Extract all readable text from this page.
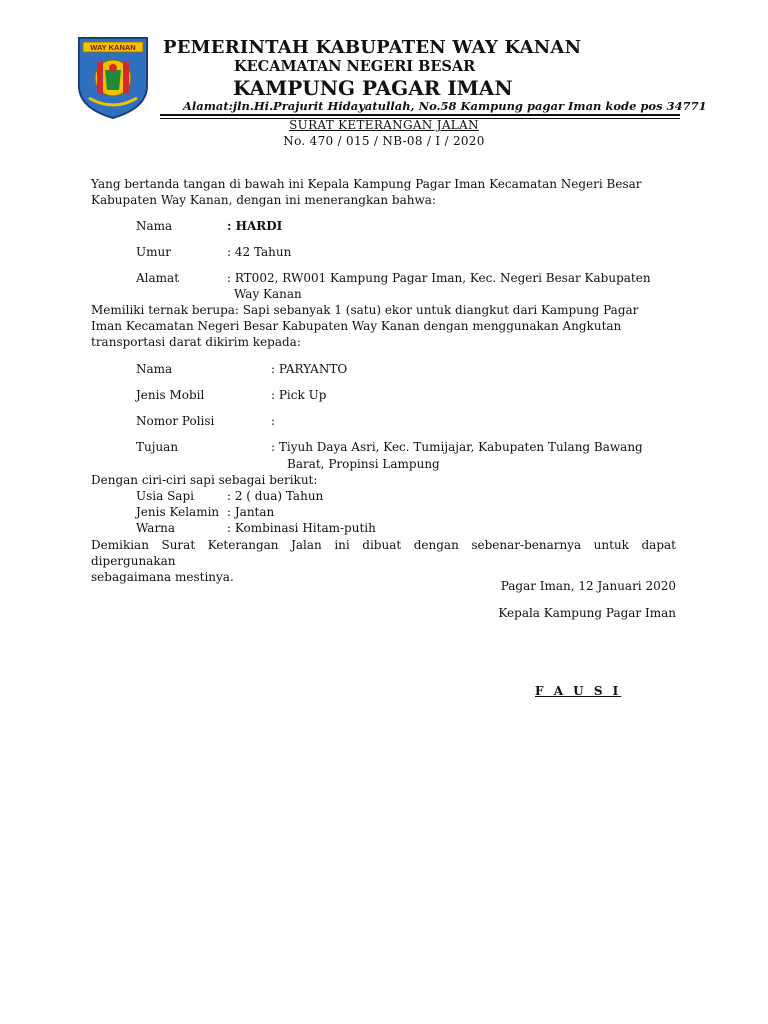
WAY KANAN PEMERINTAH KABUPATEN WAY KANAN
KECAMATAN NEGERI BESAR
KAMPUNG PAGAR IMAN
Alamat:jln.Hi.Prajurit Hidayatullah, No.58 Kampung pagar Iman kode pos 34771
SURAT KETERANGAN JALAN
No. 470 / 015 / NB-08 / I / 2020
Yang bertanda tangan di bawah ini Kepala Kampung Pagar Iman Kecamatan Negeri Besar
Kabupaten Way Kanan, dengan ini menerangkan bahwa:
Nama	: HARDI
Umur	: 42 Tahun
Alamat	: RT002, RW001 Kampung Pagar Iman, Kec. Negeri Besar Kabupaten
Way Kanan
Memiliki ternak berupa: Sapi sebanyak 1 (satu) ekor untuk diangkut dari Kampung Pagar
Iman Kecamatan Negeri Besar Kabupaten Way Kanan dengan menggunakan Angkutan
transportasi darat dikirim kepada:
Nama	: PARYANTO
Jenis Mobil	: Pick Up
Nomor Polisi	:
Tujuan	: Tiyuh Daya Asri, Kec. Tumijajar, Kabupaten Tulang Bawang
Barat, Propinsi Lampung
Dengan ciri-ciri sapi sebagai berikut:
Usia Sapi	: 2 ( dua) Tahun
Jenis Kelamin : Jantan
Warna	: Kombinasi Hitam-putih
Demikian Surat Keterangan Jalan ini dibuat dengan sebenar-benarnya untuk dapat dipergunakan
sebagaimana mestinya.
Pagar Iman, 12 Januari 2020
Kepala Kampung Pagar Iman
F A U S I
